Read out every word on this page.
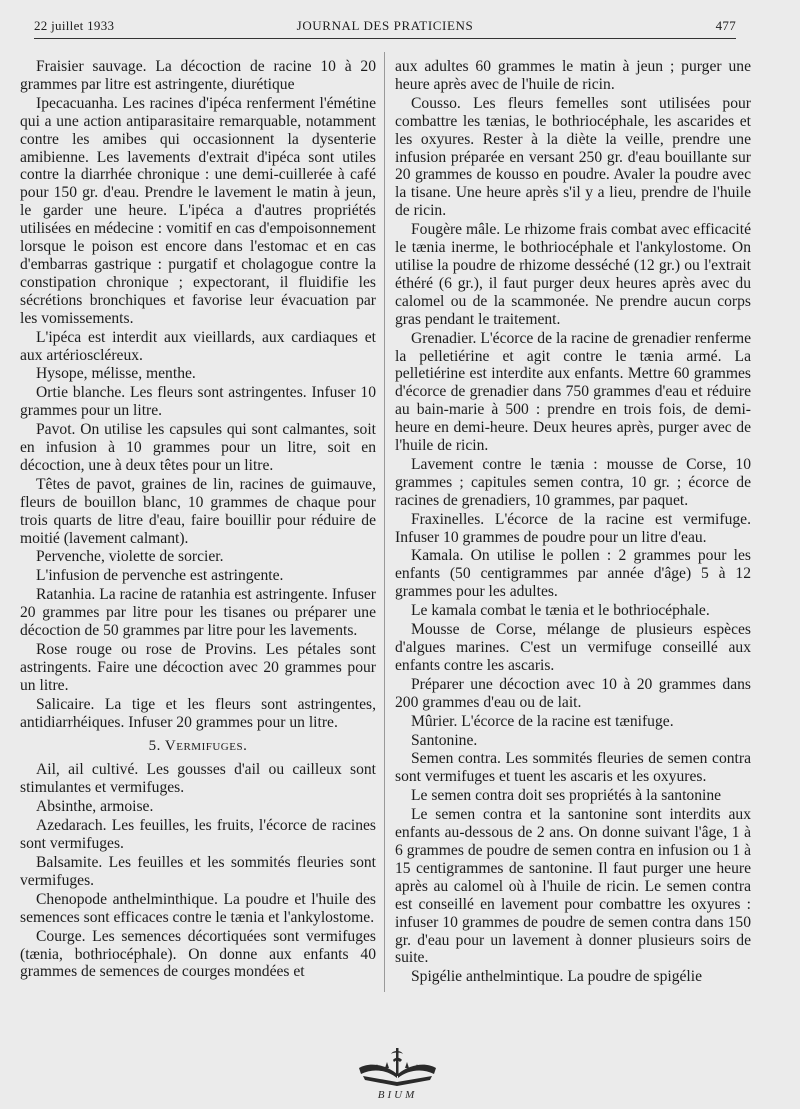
22 juillet 1933	JOURNAL DES PRATICIENS	477

Fraisier sauvage. La décoction de racine 10 à 20 grammes par litre est astringente, diurétique

Ipecacuanha. Les racines d'ipéca renferment l'émétine qui a une action antiparasitaire remarquable, notamment contre les amibes qui occasionnent la dysenterie amibienne. Les lavements d'extrait d'ipéca sont utiles contre la diarrhée chronique : une demi-cuillerée à café pour 150 gr. d'eau. Prendre le lavement le matin à jeun, le garder une heure. L'ipéca a d'autres propriétés utilisées en médecine : vomitif en cas d'empoisonnement lorsque le poison est encore dans l'estomac et en cas d'embarras gastrique : purgatif et cholagogue contre la constipation chronique ; expectorant, il fluidifie les sécrétions bronchiques et favorise leur évacuation par les vomissements.

L'ipéca est interdit aux vieillards, aux cardiaques et aux artérioscléreux.

Hysope, mélisse, menthe.

Ortie blanche. Les fleurs sont astringentes. Infuser 10 grammes pour un litre.

Pavot. On utilise les capsules qui sont calmantes, soit en infusion à 10 grammes pour un litre, soit en décoction, une à deux têtes pour un litre.

Têtes de pavot, graines de lin, racines de guimauve, fleurs de bouillon blanc, 10 grammes de chaque pour trois quarts de litre d'eau, faire bouillir pour réduire de moitié (lavement calmant).

Pervenche, violette de sorcier.

L'infusion de pervenche est astringente.

Ratanhia. La racine de ratanhia est astringente. Infuser 20 grammes par litre pour les tisanes ou préparer une décoction de 50 grammes par litre pour les lavements.

Rose rouge ou rose de Provins. Les pétales sont astringents. Faire une décoction avec 20 grammes pour un litre.

Salicaire. La tige et les fleurs sont astringentes, antidiarrhéiques. Infuser 20 grammes pour un litre.

5. Vermifuges.

Ail, ail cultivé. Les gousses d'ail ou cailleux sont stimulantes et vermifuges.

Absinthe, armoise.

Azedarach. Les feuilles, les fruits, l'écorce de racines sont vermifuges.

Balsamite. Les feuilles et les sommités fleuries sont vermifuges.

Chenopode anthelminthique. La poudre et l'huile des semences sont efficaces contre le tænia et l'ankylostome.

Courge. Les semences décortiquées sont vermifuges (tænia, bothriocéphale). On donne aux enfants 40 grammes de semences de courges mondées et

aux adultes 60 grammes le matin à jeun ; purger une heure après avec de l'huile de ricin.

Cousso. Les fleurs femelles sont utilisées pour combattre les tænias, le bothriocéphale, les ascarides et les oxyures. Rester à la diète la veille, prendre une infusion préparée en versant 250 gr. d'eau bouillante sur 20 grammes de kousso en poudre. Avaler la poudre avec la tisane. Une heure après s'il y a lieu, prendre de l'huile de ricin.

Fougère mâle. Le rhizome frais combat avec efficacité le tænia inerme, le bothriocéphale et l'ankylostome. On utilise la poudre de rhizome desséché (12 gr.) ou l'extrait éthéré (6 gr.), il faut purger deux heures après avec du calomel ou de la scammonée. Ne prendre aucun corps gras pendant le traitement.

Grenadier. L'écorce de la racine de grenadier renferme la pelletiérine et agit contre le tænia armé. La pelletiérine est interdite aux enfants. Mettre 60 grammes d'écorce de grenadier dans 750 grammes d'eau et réduire au bain-marie à 500 : prendre en trois fois, de demi-heure en demi-heure. Deux heures après, purger avec de l'huile de ricin.

Lavement contre le tænia : mousse de Corse, 10 grammes ; capitules semen contra, 10 gr. ; écorce de racines de grenadiers, 10 grammes, par paquet.

Fraxinelles. L'écorce de la racine est vermifuge. Infuser 10 grammes de poudre pour un litre d'eau.

Kamala. On utilise le pollen : 2 grammes pour les enfants (50 centigrammes par année d'âge) 5 à 12 grammes pour les adultes.

Le kamala combat le tænia et le bothriocéphale.

Mousse de Corse, mélange de plusieurs espèces d'algues marines. C'est un vermifuge conseillé aux enfants contre les ascaris.

Préparer une décoction avec 10 à 20 grammes dans 200 grammes d'eau ou de lait.

Mûrier. L'écorce de la racine est tænifuge.

Santonine.

Semen contra. Les sommités fleuries de semen contra sont vermifuges et tuent les ascaris et les oxyures.

Le semen contra doit ses propriétés à la santonine

Le semen contra et la santonine sont interdits aux enfants au-dessous de 2 ans. On donne suivant l'âge, 1 à 6 grammes de poudre de semen contra en infusion ou 1 à 15 centigrammes de santonine. Il faut purger une heure après au calomel où à l'huile de ricin. Le semen contra est conseillé en lavement pour combattre les oxyures : infuser 10 grammes de poudre de semen contra dans 150 gr. d'eau pour un lavement à donner plusieurs soirs de suite.

Spigélie anthelmintique. La poudre de spigélie

BIUM
